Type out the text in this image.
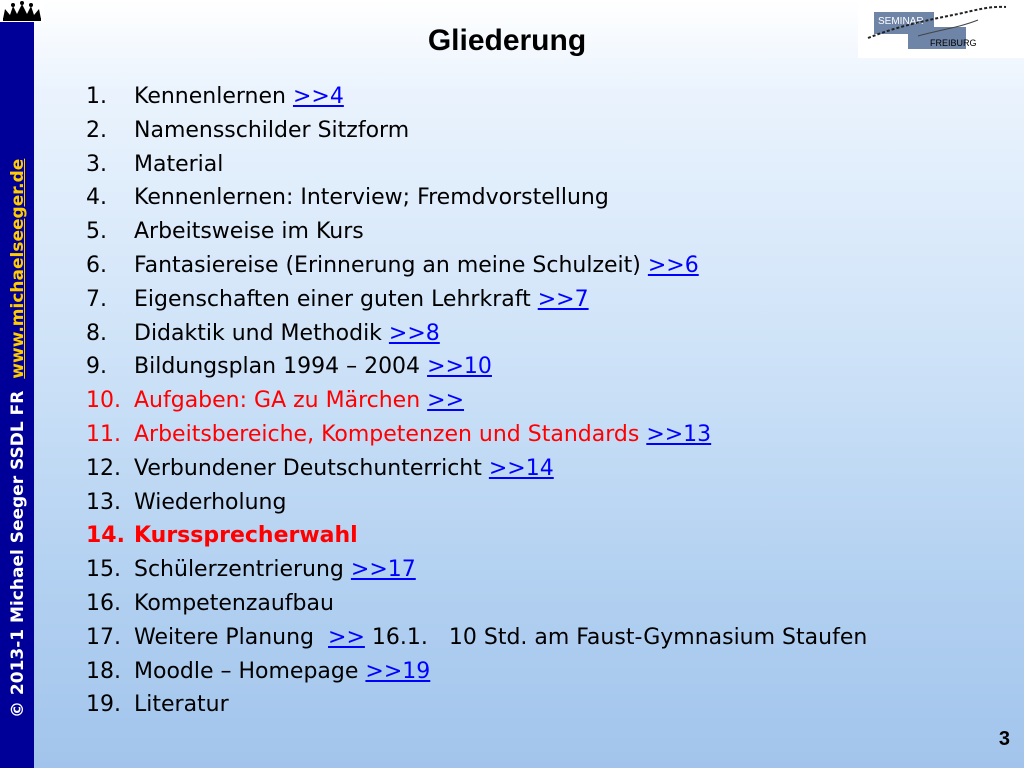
© 2013-1 Michael Seeger SSDL FRwww.michaelseeger.de
SEMINAR
FREIBURG
Gliederung
1. Kennenlernen >>4
2. Namensschilder Sitzform
3. Material
4. Kennenlernen: Interview; Fremdvorstellung
5. Arbeitsweise im Kurs
6. Fantasiereise (Erinnerung an meine Schulzeit) >>6
7. Eigenschaften einer guten Lehrkraft >>7
8. Didaktik und Methodik >>8
9. Bildungsplan 1994 – 2004 >>10
10. Aufgaben: GA zu Märchen >>
11. Arbeitsbereiche, Kompetenzen und Standards >>13
12. Verbundener Deutschunterricht >>14
13. Wiederholung
14. Kurssprecherwahl
15. Schülerzentrierung >>17
16. Kompetenzaufbau
17. Weitere Planung >> 16.1.   10 Std. am Faust-Gymnasium Staufen
18. Moodle – Homepage >>19
19. Literatur
3
